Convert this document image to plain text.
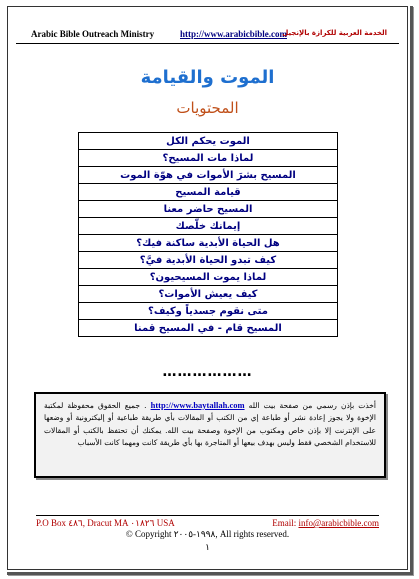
Arabic Bible Outreach Ministry	http://www.arabicbible.com
الخدمة العربية للكرازة بالإنجيل
الموت والقيامة
المحتويات
الموت يحكم الكل
لماذا مات المسيح؟
المسيح بشرَ الأموات في هوّة الموت
قيامة المسيح
المسيح حاضر معنا
إيمانك خلّصك
هل الحياة الأبدية ساكنة فيك؟
كيف تبدو الحياة الأبدية فيَّ؟
لماذا يموت المسيحيون؟
كيف يعيش الأموات؟
متى نقوم جسدياً وكيف؟
المسيح قام - في المسيح قمنا
………………
أخذت بإذن رسمي من صفحة بيت الله http://www.baytallah.com . جميع الحقوق محفوظة لمكتبة الإخوة ولا يجوز إعادة نشر أو طباعة إي من الكتب أو المقالات بأي طريقة طباعية أو إليكترونية أو وضعها على الإنترنت إلا بإذن خاص ومكتوب من الإخوة وصفحة بيت الله. يمكنك أن تحتفظ بالكتب أو المقالات للاستخدام الشخصي فقط وليس بهدف بيعها أو المتاجرة بها بأي طريقة كانت ومهما كانت الأسباب
P.O Box ٤٨٦, Dracut MA ٠١٨٢٦ USA	Email: info@arabicbible.com
© Copyright ١٩٩٨-٢٠٠٥, All rights reserved.
١
